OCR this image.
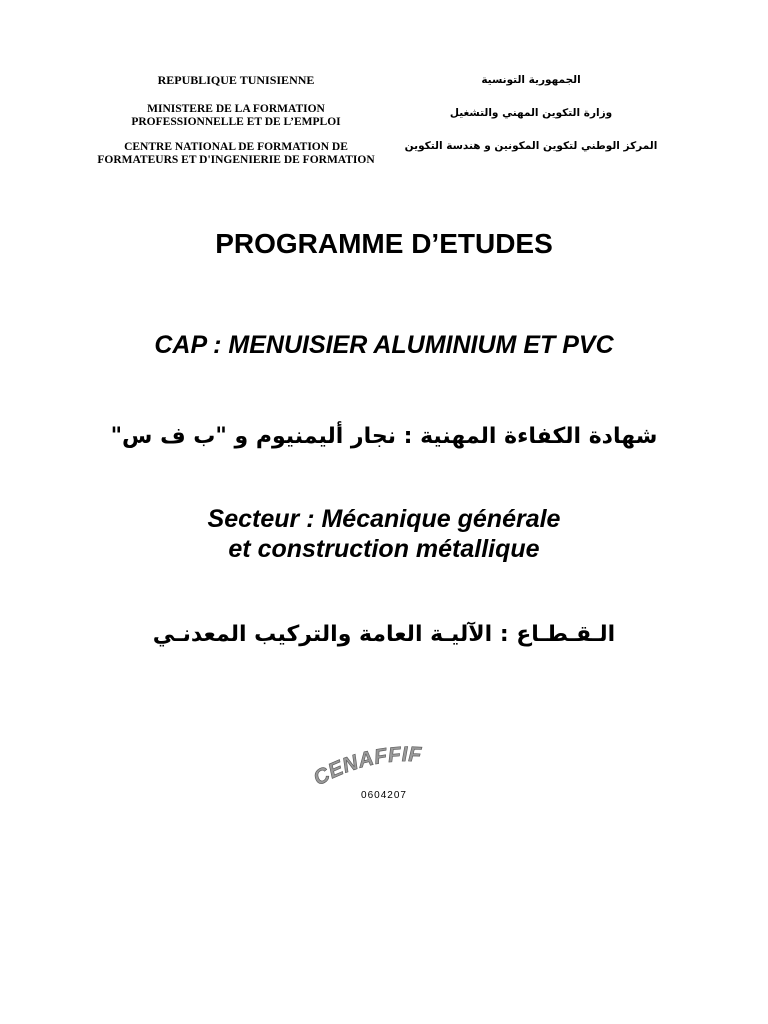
REPUBLIQUE TUNISIENNE
MINISTERE DE LA FORMATION
PROFESSIONNELLE ET DE L’EMPLOI
CENTRE NATIONAL DE FORMATION DE
FORMATEURS ET D'INGENIERIE DE FORMATION
الجمهورية التونسية
وزارة التكوين المهني والتشغيل
المركز الوطني لتكوين المكونين و هندسة التكوين
PROGRAMME D’ETUDES
CAP : MENUISIER ALUMINIUM ET PVC
شهادة الكفاءة المهنية : نجار أليمنيوم و "ب ف س"
Secteur : Mécanique générale
et construction métallique
الـقـطـاع : الآليـة العامة والتركيب المعدنـي
CENAFFIF
0604207
